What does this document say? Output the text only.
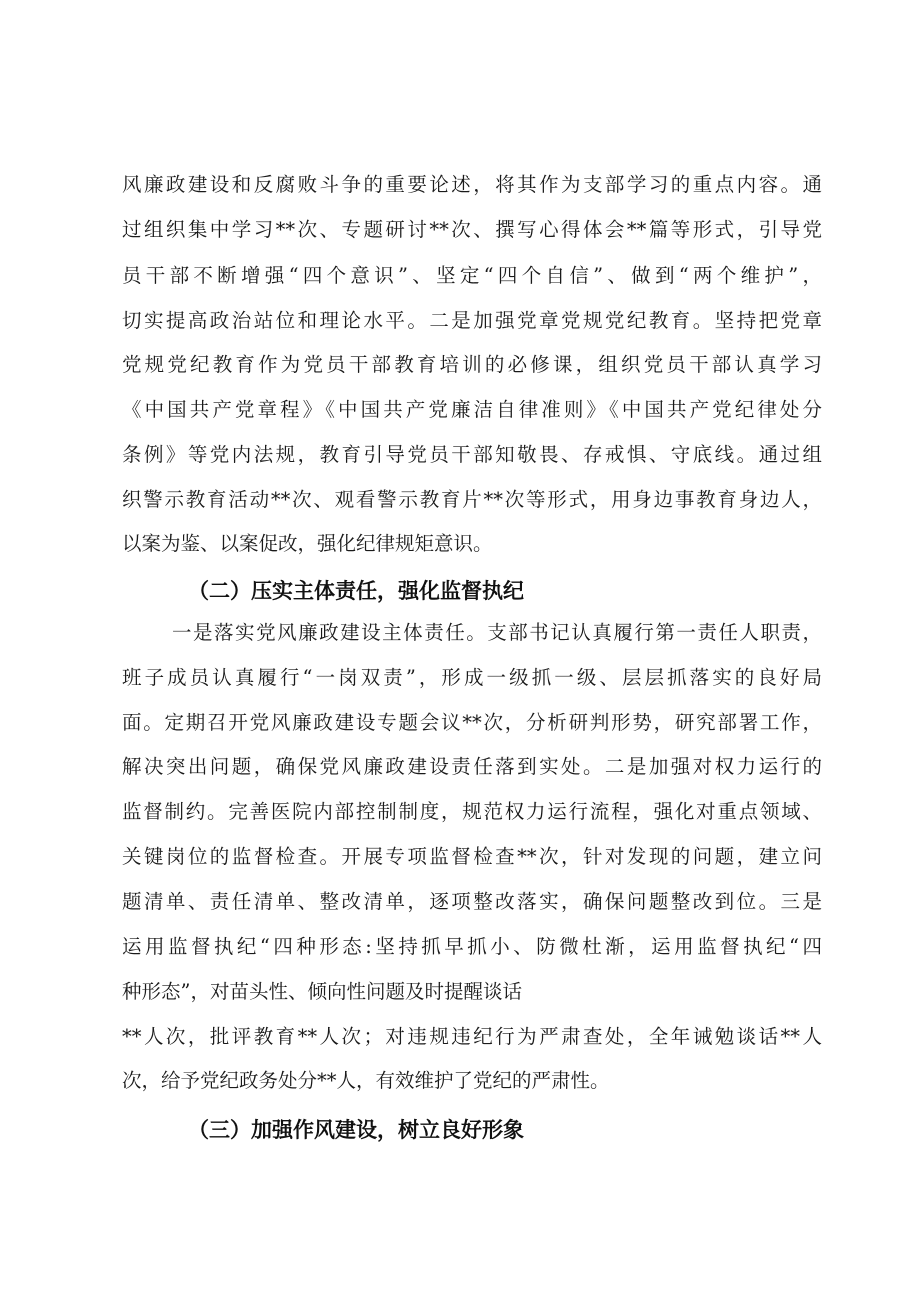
风廉政建设和反腐败斗争的重要论述，将其作为支部学习的重点内容。通
过组织集中学习**次、专题研讨**次、撰写心得体会**篇等形式，引导党
员干部不断增强“四个意识”、坚定“四个自信”、做到“两个维护”，
切实提高政治站位和理论水平。二是加强党章党规党纪教育。坚持把党章
党规党纪教育作为党员干部教育培训的必修课，组织党员干部认真学习
《中国共产党章程》《中国共产党廉洁自律准则》《中国共产党纪律处分
条例》等党内法规，教育引导党员干部知敬畏、存戒惧、守底线。通过组
织警示教育活动**次、观看警示教育片**次等形式，用身边事教育身边人，
以案为鉴、以案促改，强化纪律规矩意识。
（二）压实主体责任，强化监督执纪
一是落实党风廉政建设主体责任。支部书记认真履行第一责任人职责，
班子成员认真履行“一岗双责”，形成一级抓一级、层层抓落实的良好局
面。定期召开党风廉政建设专题会议**次，分析研判形势，研究部署工作，
解决突出问题，确保党风廉政建设责任落到实处。二是加强对权力运行的
监督制约。完善医院内部控制制度，规范权力运行流程，强化对重点领域、
关键岗位的监督检查。开展专项监督检查**次，针对发现的问题，建立问
题清单、责任清单、整改清单，逐项整改落实，确保问题整改到位。三是
运用监督执纪“四种形态:坚持抓早抓小、防微杜渐，运用监督执纪“四
种形态”，对苗头性、倾向性问题及时提醒谈话
**人次，批评教育**人次；对违规违纪行为严肃查处，全年诫勉谈话**人
次，给予党纪政务处分**人，有效维护了党纪的严肃性。
（三）加强作风建设，树立良好形象
